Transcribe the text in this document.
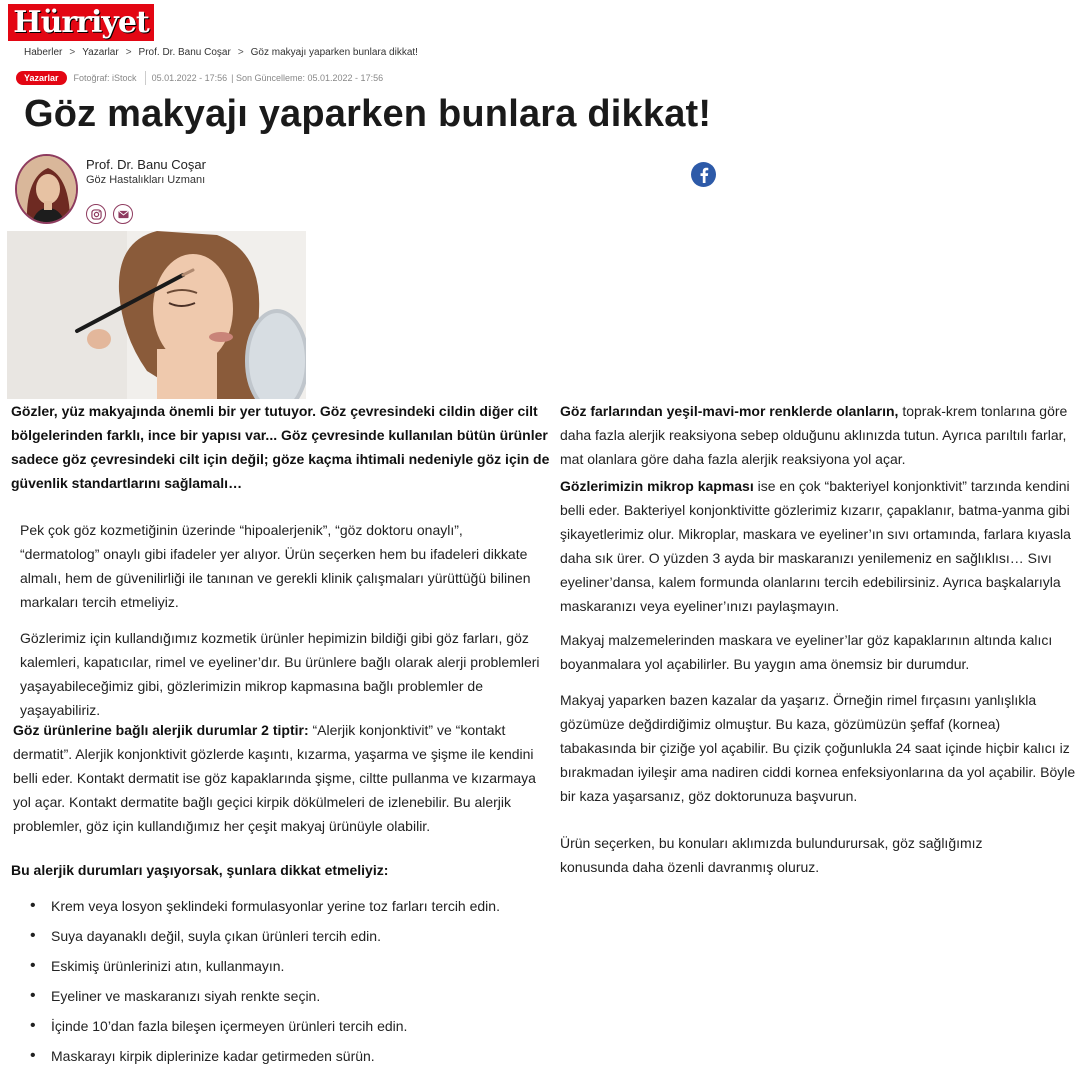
Hürriyet
Haberler > Yazarlar > Prof. Dr. Banu Coşar > Göz makyajı yaparken bunlara dikkat!
Yazarlar	Fotoğraf: iStock 05.01.2022 - 17:56 | Son Güncelleme: 05.01.2022 - 17:56
Göz makyajı yaparken bunlara dikkat!
Prof. Dr. Banu Coşar
Göz Hastalıkları Uzmanı

Gözler, yüz makyajında önemli bir yer tutuyor. Göz çevresindeki cildin diğer cilt bölgelerinden farklı, ince bir yapısı var... Göz çevresinde kullanılan bütün ürünler sadece göz çevresindeki cilt için değil; göze kaçma ihtimali nedeniyle göz için de güvenlik standartlarını sağlamalı…

Pek çok göz kozmetiğinin üzerinde “hipoalerjenik”, “göz doktoru onaylı”, “dermatolog” onaylı gibi ifadeler yer alıyor. Ürün seçerken hem bu ifadeleri dikkate almalı, hem de güvenilirliği ile tanınan ve gerekli klinik çalışmaları yürüttüğü bilinen markaları tercih etmeliyiz.

Gözlerimiz için kullandığımız kozmetik ürünler hepimizin bildiği gibi göz farları, göz kalemleri, kapatıcılar, rimel ve eyeliner’dır. Bu ürünlere bağlı olarak alerji problemleri yaşayabileceğimiz gibi, gözlerimizin mikrop kapmasına bağlı problemler de yaşayabiliriz.

Göz ürünlerine bağlı alerjik durumlar 2 tiptir: “Alerjik konjonktivit” ve “kontakt dermatit”. Alerjik konjonktivit gözlerde kaşıntı, kızarma, yaşarma ve şişme ile kendini belli eder. Kontakt dermatit ise göz kapaklarında şişme, ciltte pullanma ve kızarmaya yol açar. Kontakt dermatite bağlı geçici kirpik dökülmeleri de izlenebilir. Bu alerjik problemler, göz için kullandığımız her çeşit makyaj ürünüyle olabilir.

Bu alerjik durumları yaşıyorsak, şunlara dikkat etmeliyiz:

•	Krem veya losyon şeklindeki formulasyonlar yerine toz farları tercih edin.
•	Suya dayanaklı değil, suyla çıkan ürünleri tercih edin.
•	Eskimiş ürünlerinizi atın, kullanmayın.
•	Eyeliner ve maskaranızı siyah renkte seçin.
•	İçinde 10’dan fazla bileşen içermeyen ürünleri tercih edin.
•	Maskarayı kirpik diplerinize kadar getirmeden sürün.

Göz farlarından yeşil-mavi-mor renklerde olanların, toprak-krem tonlarına göre daha fazla alerjik reaksiyona sebep olduğunu aklınızda tutun. Ayrıca parıltılı farlar, mat olanlara göre daha fazla alerjik reaksiyona yol açar.

Gözlerimizin mikrop kapması ise en çok “bakteriyel konjonktivit” tarzında kendini belli eder. Bakteriyel konjonktivitte gözlerimiz kızarır, çapaklanır, batma-yanma gibi şikayetlerimiz olur. Mikroplar, maskara ve eyeliner’ın sıvı ortamında, farlara kıyasla daha sık ürer. O yüzden 3 ayda bir maskaranızı yenilemeniz en sağlıklısı… Sıvı eyeliner’dansa, kalem formunda olanlarını tercih edebilirsiniz. Ayrıca başkalarıyla maskaranızı veya eyeliner’ınızı paylaşmayın.

Makyaj malzemelerinden maskara ve eyeliner’lar göz kapaklarının altında kalıcı boyanmalara yol açabilirler. Bu yaygın ama önemsiz bir durumdur.

Makyaj yaparken bazen kazalar da yaşarız. Örneğin rimel fırçasını yanlışlıkla gözümüze değdirdiğimiz olmuştur. Bu kaza, gözümüzün şeffaf (kornea) tabakasında bir çiziğe yol açabilir. Bu çizik çoğunlukla 24 saat içinde hiçbir kalıcı iz bırakmadan iyileşir ama nadiren ciddi kornea enfeksiyonlarına da yol açabilir. Böyle bir kaza yaşarsanız, göz doktorunuza başvurun.

Ürün seçerken, bu konuları aklımızda bulundurursak, göz sağlığımız konusunda daha özenli davranmış oluruz.
